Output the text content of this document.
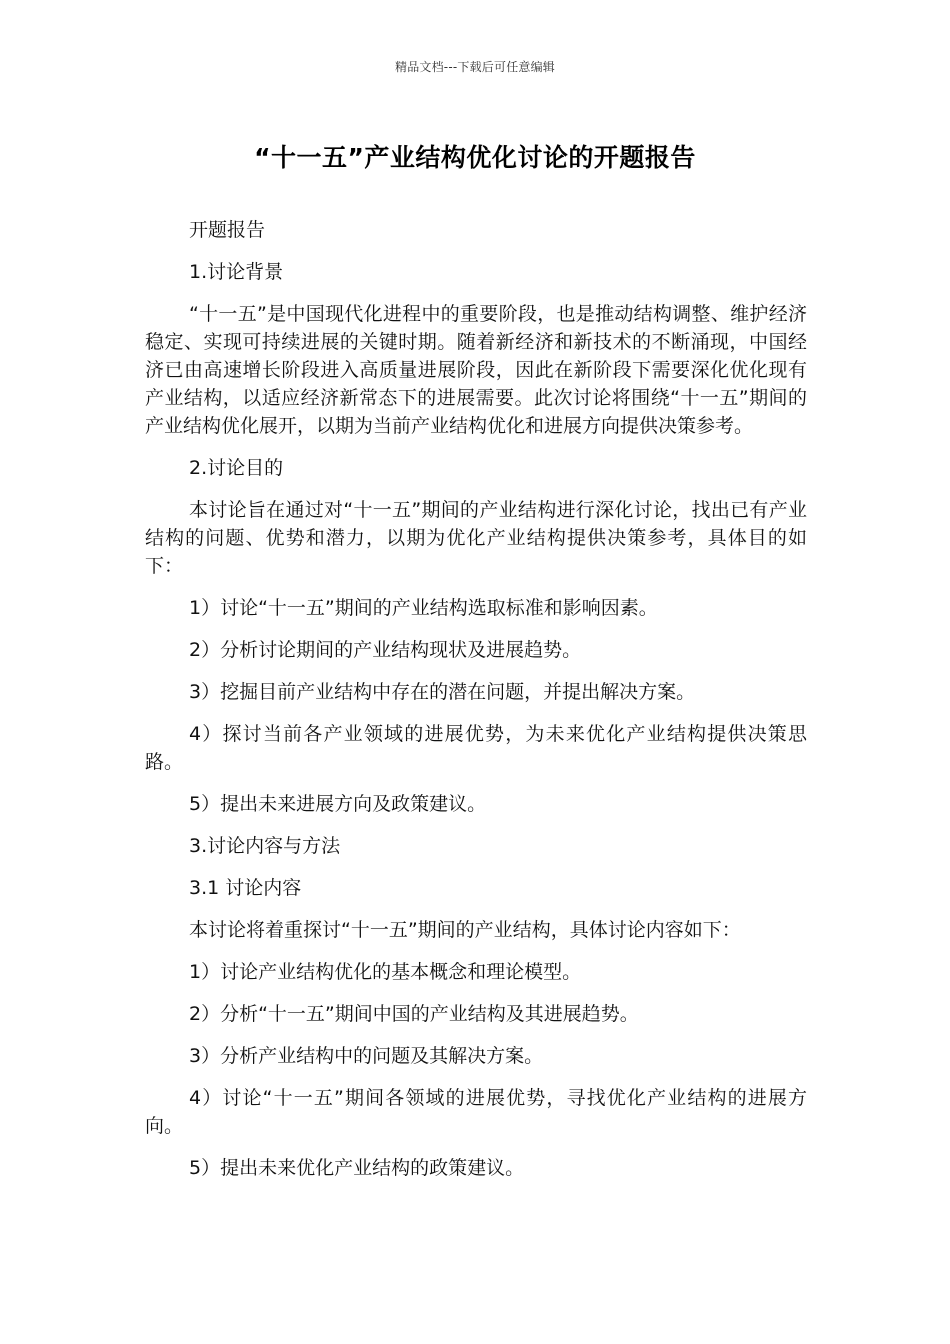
精品文档---下载后可任意编辑
“十一五”产业结构优化讨论的开题报告

开题报告

1.讨论背景

“十一五”是中国现代化进程中的重要阶段，也是推动结构调整、维护经济稳定、实现可持续进展的关键时期。随着新经济和新技术的不断涌现，中国经济已由高速增长阶段进入高质量进展阶段，因此在新阶段下需要深化优化现有产业结构，以适应经济新常态下的进展需要。此次讨论将围绕“十一五”期间的产业结构优化展开，以期为当前产业结构优化和进展方向提供决策参考。

2.讨论目的

本讨论旨在通过对“十一五”期间的产业结构进行深化讨论，找出已有产业结构的问题、优势和潜力，以期为优化产业结构提供决策参考，具体目的如下：

1）讨论“十一五”期间的产业结构选取标准和影响因素。

2）分析讨论期间的产业结构现状及进展趋势。

3）挖掘目前产业结构中存在的潜在问题，并提出解决方案。

4）探讨当前各产业领域的进展优势，为未来优化产业结构提供决策思路。

5）提出未来进展方向及政策建议。

3.讨论内容与方法

3.1 讨论内容

本讨论将着重探讨“十一五”期间的产业结构，具体讨论内容如下：

1）讨论产业结构优化的基本概念和理论模型。

2）分析“十一五”期间中国的产业结构及其进展趋势。

3）分析产业结构中的问题及其解决方案。

4）讨论“十一五”期间各领域的进展优势，寻找优化产业结构的进展方向。

5）提出未来优化产业结构的政策建议。
